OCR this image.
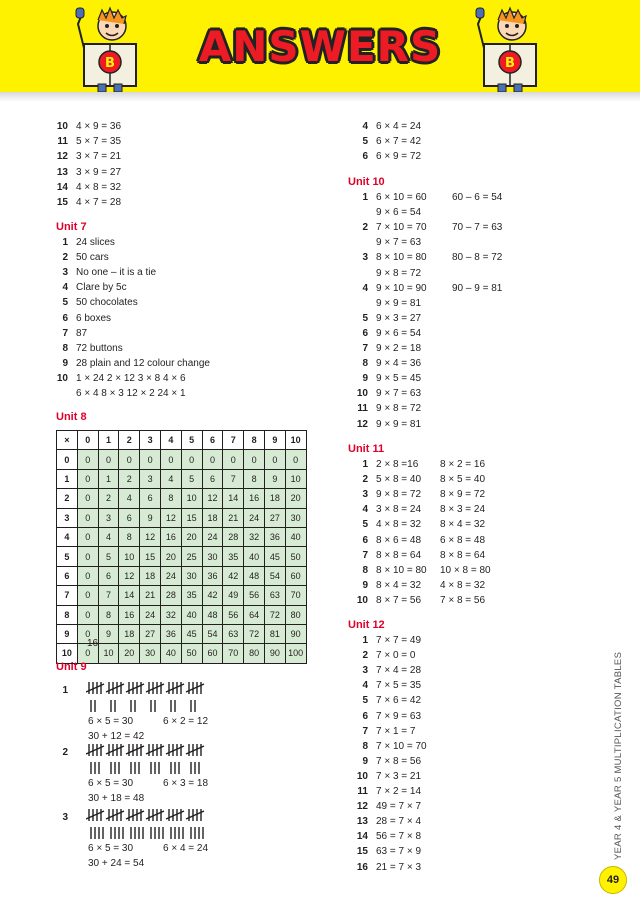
B	B
ANSWERS
10 4 × 9 = 36
11 5 × 7 = 35
12 3 × 7 = 21
13 3 × 9 = 27
14 4 × 8 = 32
15 4 × 7 = 28
Unit 7
1 24 slices
2 50 cars
3 No one – it is a tie
4 Clare by 5c
5 50 chocolates
6 6 boxes
7 87
8 72 buttons
9 28 plain and 12 colour change
10 1 × 24 2 × 12 3 × 8 4 × 6
6 × 4 8 × 3 12 × 2 24 × 1
Unit 8
×	0	1	2	3	4	5	6	7	8	9	10
0	0	0	0	0	0	0	0	0	0	0	0
1	0	1	2	3	4	5	6	7	8	9	10
2	0	2	4	6	8	10	12	14	16	18	20
3	0	3	6	9	12	15	18	21	24	27	30
4	0	4	8	12	16	20	24	28	32	36	40
5	0	5	10	15	20	25	30	35	40	45	50
6	0	6	12	18	24	30	36	42	48	54	60
7	0	7	14	21	28	35	42	49	56	63	70
8	0	8	16	24	32	40	48	56	64	72	80
9	0	9	18	27	36	45	54	63	72	81	90
10	0	10	20	30	40	50	60	70	80	90	100
16
Unit 9
1
6 × 5 = 30	6 × 2 = 12
30 + 12 = 42
2
6 × 5 = 30	6 × 3 = 18
30 + 18 = 48
3
6 × 5 = 30	6 × 4 = 24
30 + 24 = 54
4 6 × 4 = 24
5 6 × 7 = 42
6 6 × 9 = 72
Unit 10
1 6 × 10 = 60	60 – 6 = 54
9 × 6 = 54
2 7 × 10 = 70	70 – 7 = 63
9 × 7 = 63
3 8 × 10 = 80	80 – 8 = 72
9 × 8 = 72
4 9 × 10 = 90	90 – 9 = 81
9 × 9 = 81
5 9 × 3 = 27
6 9 × 6 = 54
7 9 × 2 = 18
8 9 × 4 = 36
9 9 × 5 = 45
10 9 × 7 = 63
11 9 × 8 = 72
12 9 × 9 = 81
Unit 11
1 2 × 8 =16 8 × 2 = 16
2 5 × 8 = 40 8 × 5 = 40
3 9 × 8 = 72 8 × 9 = 72
4 3 × 8 = 24 8 × 3 = 24
5 4 × 8 = 32 8 × 4 = 32
6 8 × 6 = 48 6 × 8 = 48
7 8 × 8 = 64 8 × 8 = 64
8 8 × 10 = 80 10 × 8 = 80
9 8 × 4 = 32 4 × 8 = 32
10 8 × 7 = 56 7 × 8 = 56
Unit 12
1 7 × 7 = 49
2 7 × 0 = 0
3 7 × 4 = 28
4 7 × 5 = 35
5 7 × 6 = 42
6 7 × 9 = 63
7 7 × 1 = 7
8 7 × 10 = 70
9 7 × 8 = 56
10 7 × 3 = 21
11 7 × 2 = 14
12 49 = 7 × 7
13 28 = 7 × 4
14 56 = 7 × 8
15 63 = 7 × 9
16 21 = 7 × 3
YEAR 4 & YEAR 5 MULTIPLICATION TABLES
49
